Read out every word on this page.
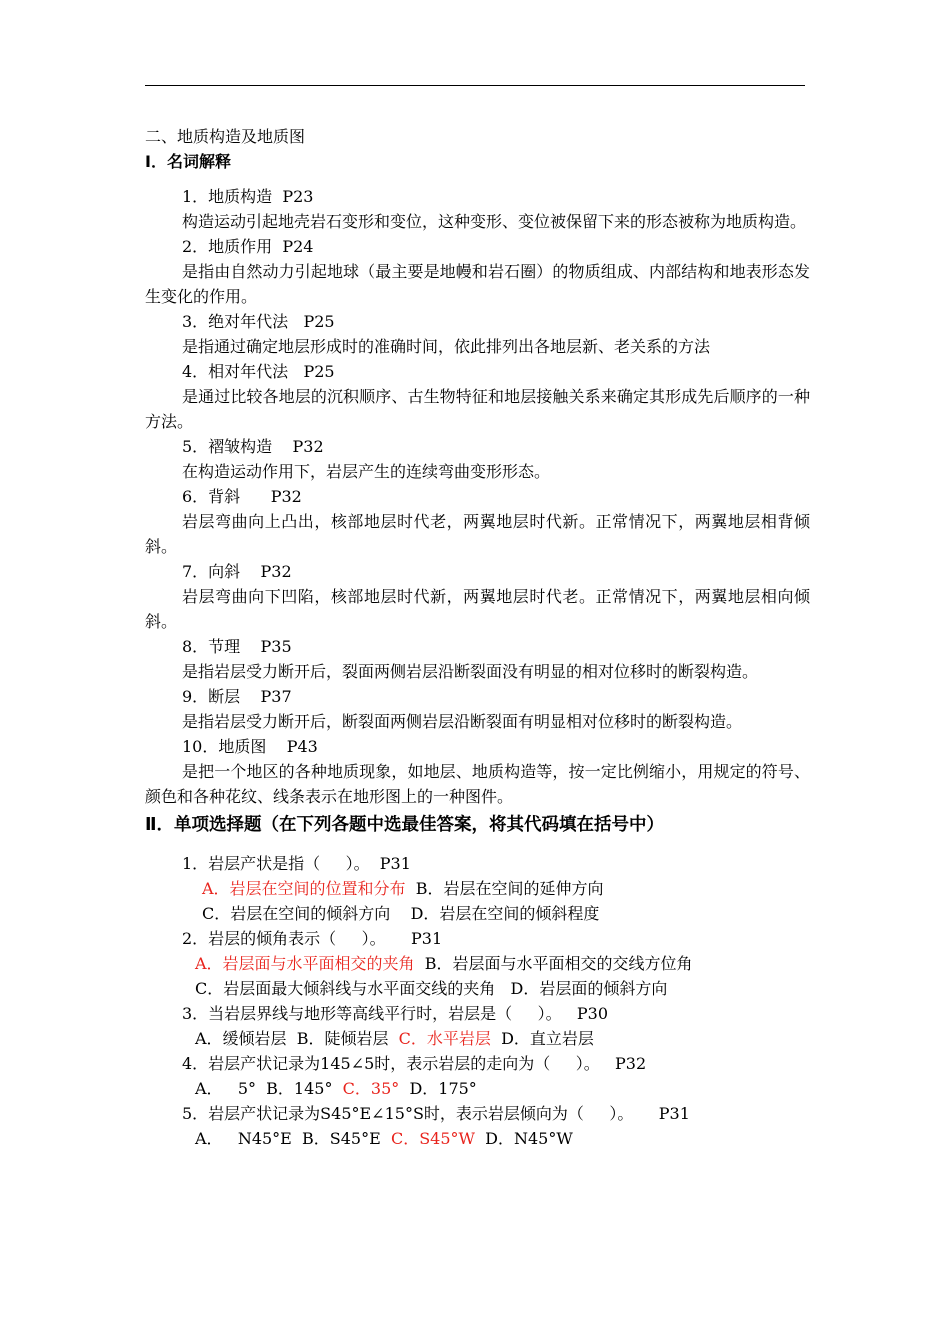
二、地质构造及地质图
Ⅰ．名词解释
1．地质构造  P23
构造运动引起地壳岩石变形和变位，这种变形、变位被保留下来的形态被称为地质构造。
2．地质作用  P24
是指由自然动力引起地球（最主要是地幔和岩石圈）的物质组成、内部结构和地表形态发生变化的作用。
3．绝对年代法   P25
是指通过确定地层形成时的准确时间，依此排列出各地层新、老关系的方法
4．相对年代法   P25
是通过比较各地层的沉积顺序、古生物特征和地层接触关系来确定其形成先后顺序的一种方法。
5．褶皱构造    P32
在构造运动作用下，岩层产生的连续弯曲变形形态。
6．背斜      P32
岩层弯曲向上凸出，核部地层时代老，两翼地层时代新。正常情况下，两翼地层相背倾斜。
7．向斜    P32
岩层弯曲向下凹陷，核部地层时代新，两翼地层时代老。正常情况下，两翼地层相向倾斜。
8．节理    P35
是指岩层受力断开后，裂面两侧岩层沿断裂面没有明显的相对位移时的断裂构造。
9．断层    P37
是指岩层受力断开后，断裂面两侧岩层沿断裂面有明显相对位移时的断裂构造。
10．地质图    P43
是把一个地区的各种地质现象，如地层、地质构造等，按一定比例缩小，用规定的符号、颜色和各种花纹、线条表示在地形图上的一种图件。
Ⅱ．单项选择题（在下列各题中选最佳答案，将其代码填在括号中）
1．岩层产状是指（     ）。  P31
A．岩层在空间的位置和分布  B．岩层在空间的延伸方向
C．岩层在空间的倾斜方向    D．岩层在空间的倾斜程度
2．岩层的倾角表示（     ）。     P31
A．岩层面与水平面相交的夹角  B．岩层面与水平面相交的交线方位角
C．岩层面最大倾斜线与水平面交线的夹角   D．岩层面的倾斜方向
3．当岩层界线与地形等高线平行时，岩层是（     ）。   P30
A．缓倾岩层  B．陡倾岩层  C．水平岩层  D．直立岩层
4．岩层产状记录为145∠5时，表示岩层的走向为（     ）。   P32
A．   5°  B．145°  C．35°  D．175°
5．岩层产状记录为S45°E∠15°S时，表示岩层倾向为（     ）。     P31
A．   N45°E  B．S45°E  C．S45°W  D．N45°W
